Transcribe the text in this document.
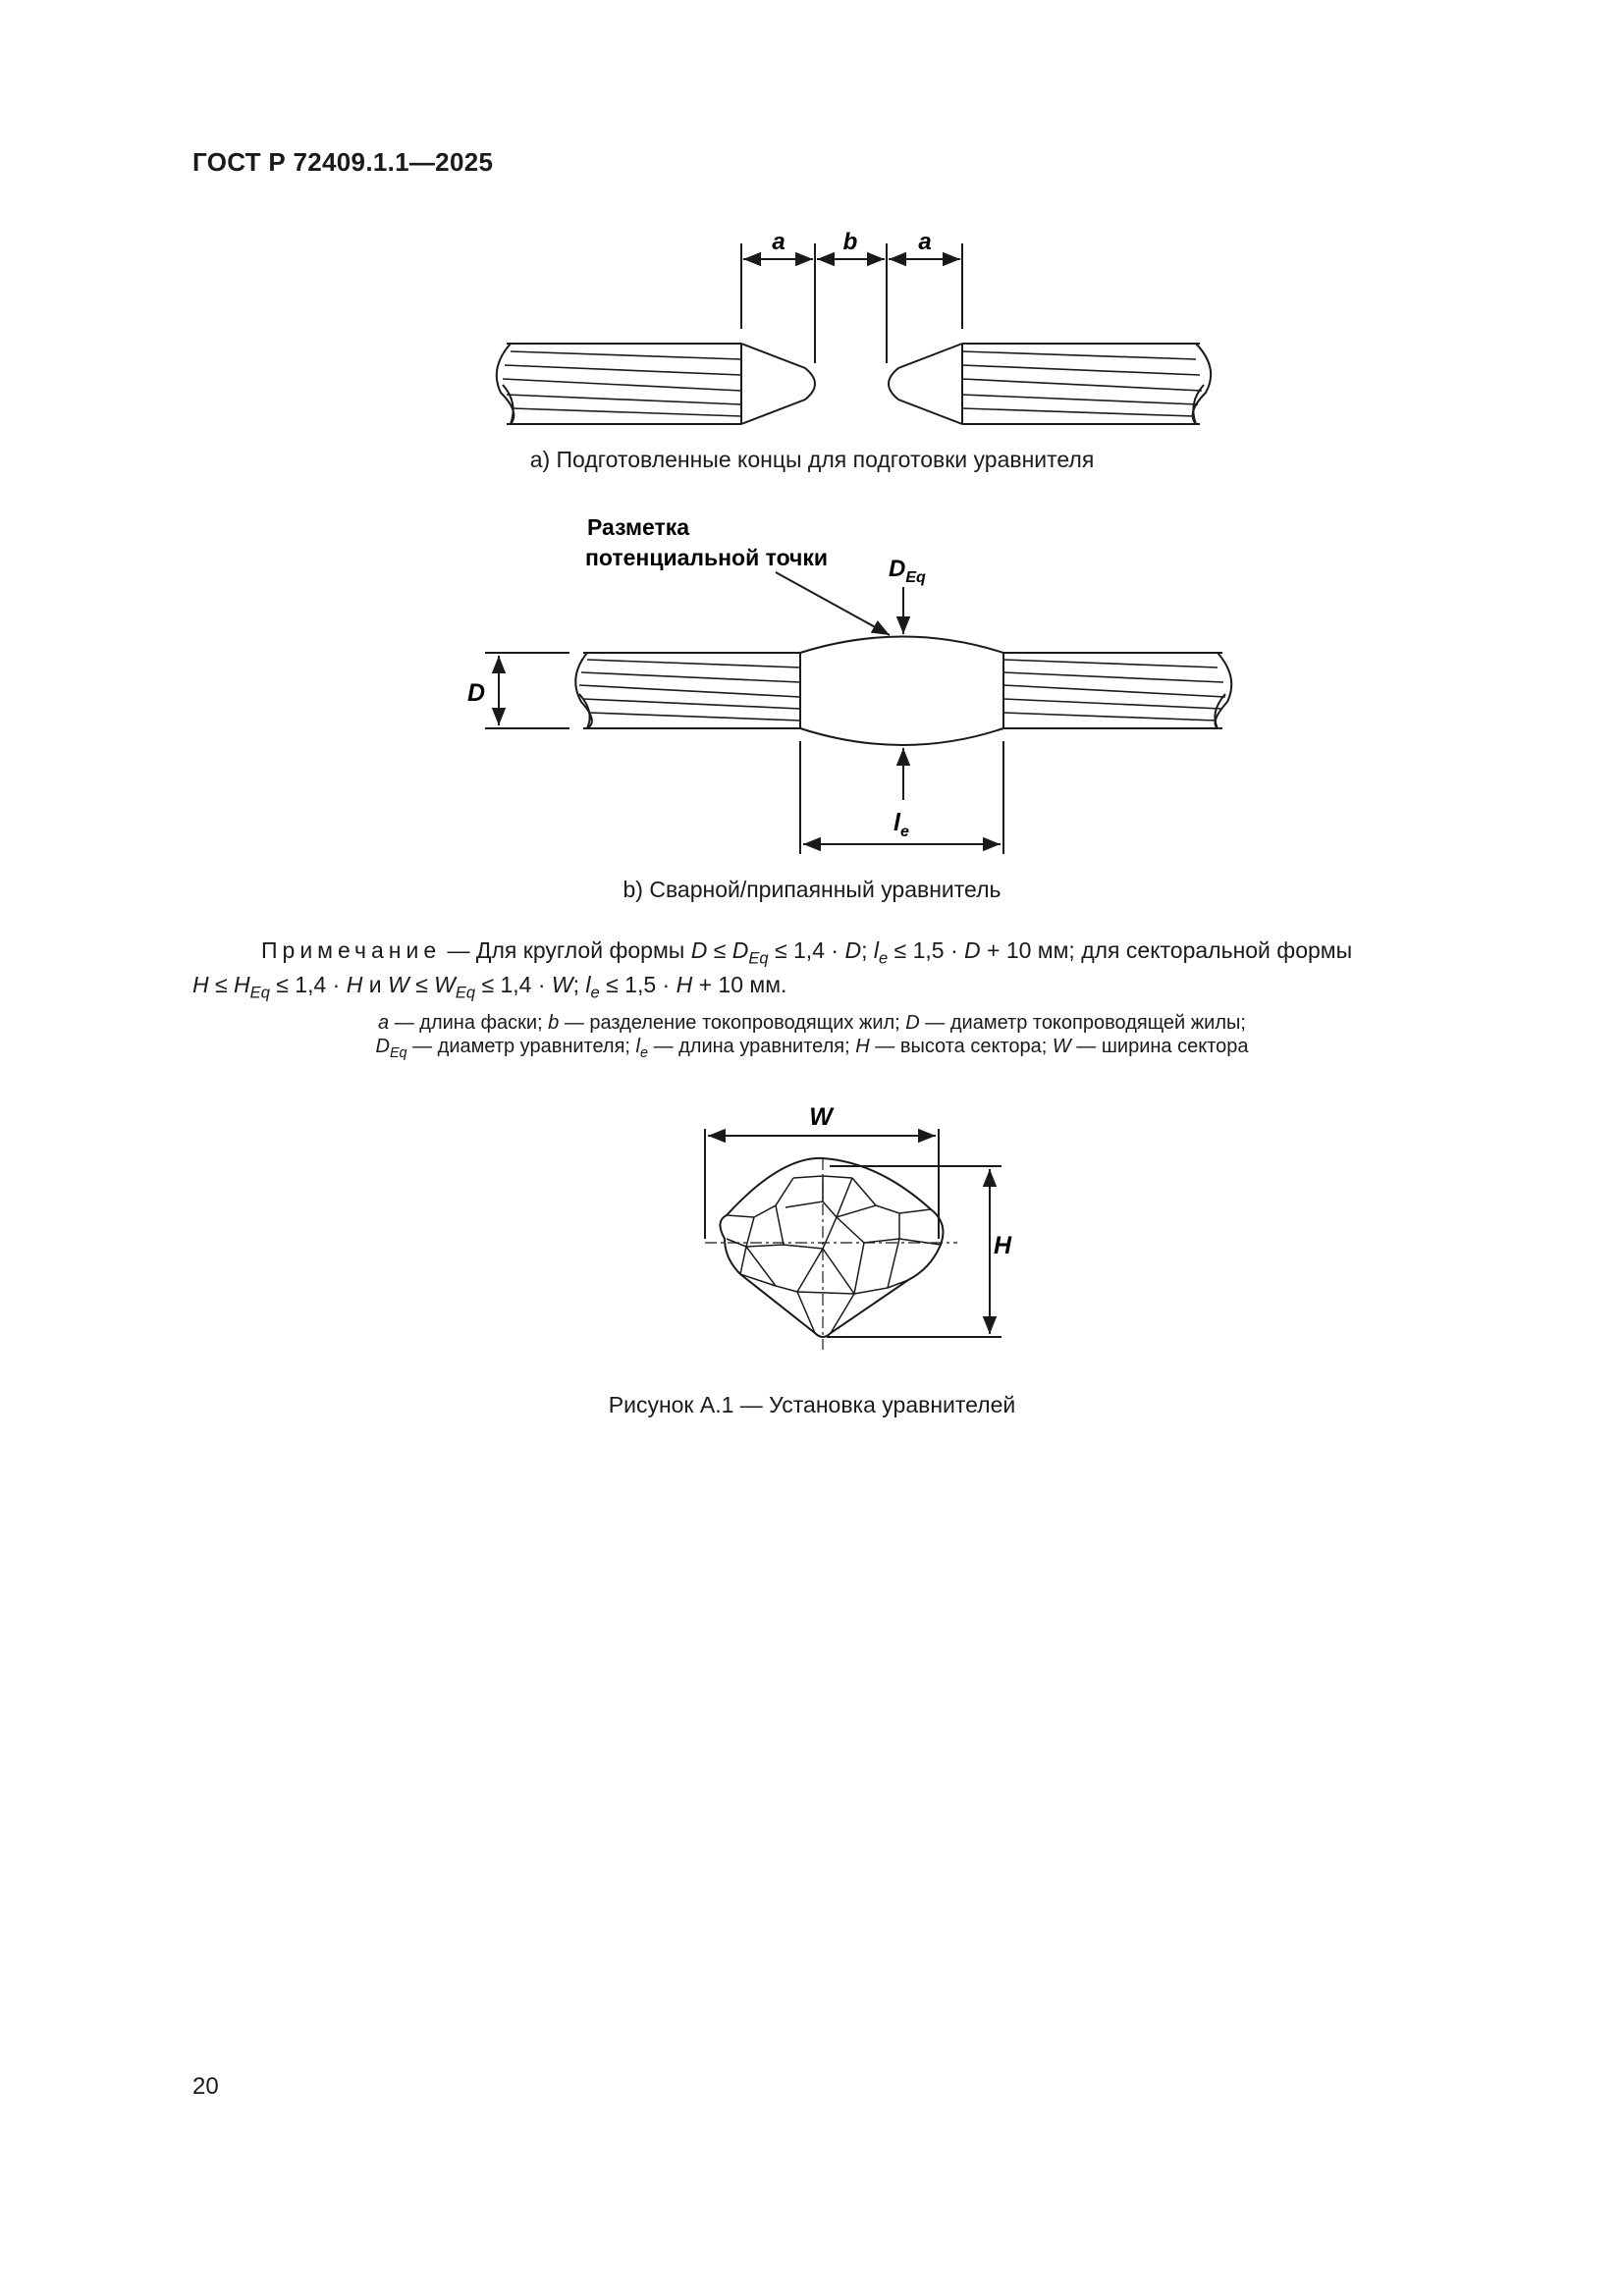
ГОСТ Р 72409.1.1—2025
a b	a
a) Подготовленные концы для подготовки уравнителя
Разметка
потенциальной точки	$D_{Eq}$
D
$l_e$
b) Сварной/припаянный уравнитель
Примечание — Для круглой формы $D \le D_{Eq} \le 1,4 \cdot D$; $l_e \le 1,5 \cdot D + 10$ мм; для секторальной формы
$H \le H_{Eq} \le 1,4 \cdot H$ и $W \le W_{Eq} \le 1,4 \cdot W$; $l_e \le 1,5 \cdot H + 10$ мм.
a — длина фаски; b — разделение токопроводящих жил; D — диаметр токопроводящей жилы;
$D_{Eq}$ — диаметр уравнителя; $l_e$ — длина уравнителя; H — высота сектора; W — ширина сектора
W
H
Рисунок А.1 — Установка уравнителей
20
